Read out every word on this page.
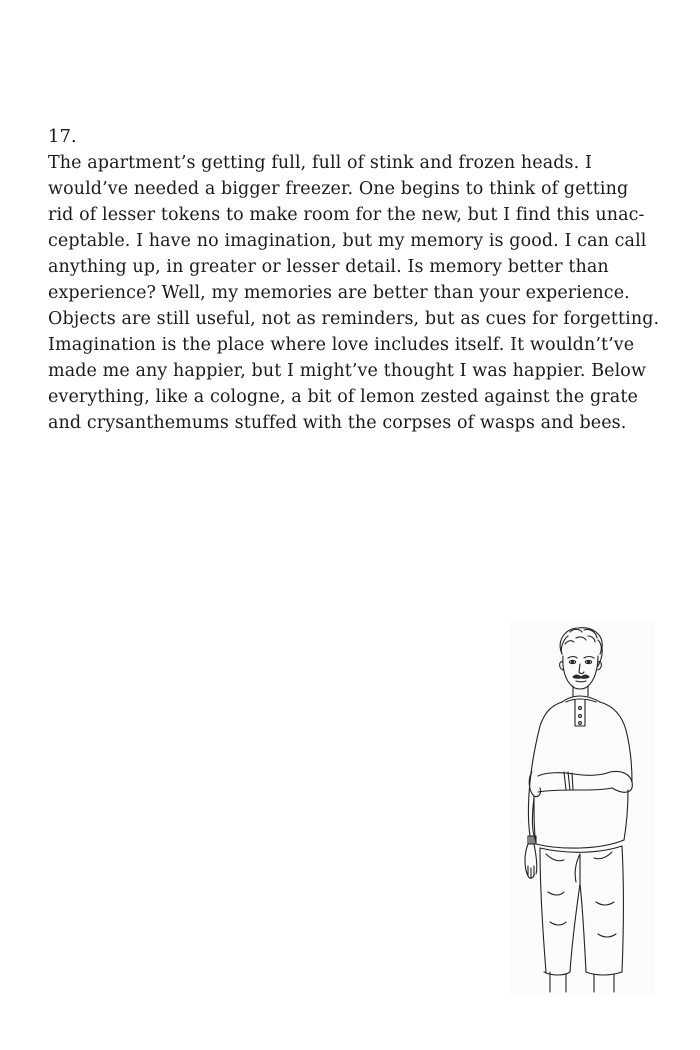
17.

The apartment’s getting full, full of stink and frozen heads. I
would’ve needed a bigger freezer. One begins to think of getting
rid of lesser tokens to make room for the new, but I find this unac-
ceptable. I have no imagination, but my memory is good. I can call
anything up, in greater or lesser detail. Is memory better than
experience? Well, my memories are better than your experience.
Objects are still useful, not as reminders, but as cues for forgetting.
Imagination is the place where love includes itself. It wouldn’t’ve
made me any happier, but I might’ve thought I was happier. Below
everything, like a cologne, a bit of lemon zested against the grate
and crysanthemums stuffed with the corpses of wasps and bees.
